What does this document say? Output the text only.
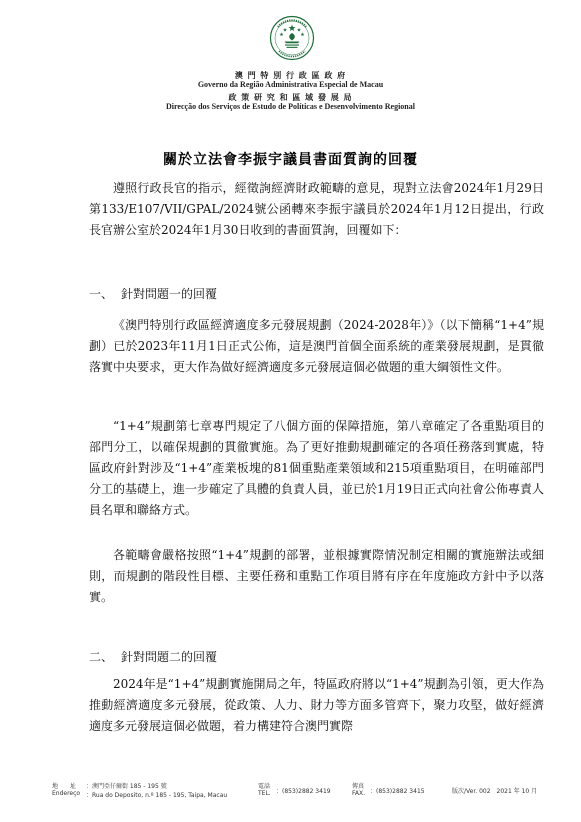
澳 門 特 別 行 政 區 政 府
Governo da Região Administrativa Especial de Macau
政 策 研 究 和 區 域 發 展 局
Direcção dos Serviços de Estudo de Políticas e Desenvolvimento Regional
關於立法會李振宇議員書面質詢的回覆
遵照行政長官的指示，經徵詢經濟財政範疇的意見，現對立法會2024年1月29日第133/E107/VII/GPAL/2024號公函轉來李振宇議員於2024年1月12日提出，行政長官辦公室於2024年1月30日收到的書面質詢，回覆如下：
一、 針對問題一的回覆
《澳門特別行政區經濟適度多元發展規劃（2024-2028年）》（以下簡稱“1+4”規劃）已於2023年11月1日正式公佈，這是澳門首個全面系統的產業發展規劃，是貫徹落實中央要求，更大作為做好經濟適度多元發展這個必做題的重大綱領性文件。
“1+4”規劃第七章專門規定了八個方面的保障措施，第八章確定了各重點項目的部門分工，以確保規劃的貫徹實施。為了更好推動規劃確定的各項任務落到實處，特區政府針對涉及“1+4”產業板塊的81個重點產業領域和215項重點項目，在明確部門分工的基礎上，進一步確定了具體的負責人員，並已於1月19日正式向社會公佈專責人員名單和聯絡方式。
各範疇會嚴格按照“1+4”規劃的部署，並根據實際情況制定相關的實施辦法或細則，而規劃的階段性目標、主要任務和重點工作項目將有序在年度施政方針中予以落實。
二、 針對問題二的回覆
2024年是“1+4”規劃實施開局之年，特區政府將以“1+4”規劃為引領，更大作為推動經濟適度多元發展，從政策、人力、財力等方面多管齊下，聚力攻堅，做好經濟適度多元發展這個必做題，着力構建符合澳門實際
地　　址 ：澳門亞仔爾街 185 - 195 號
Endereço ：Rua do Deposito, n.º 185 - 195, Taipa, Macau
電話
TEL. ：(853)2882 3419
傳真
FAX. ：(853)2882 3415	版次/Ver. 002　2021 年 10 月
